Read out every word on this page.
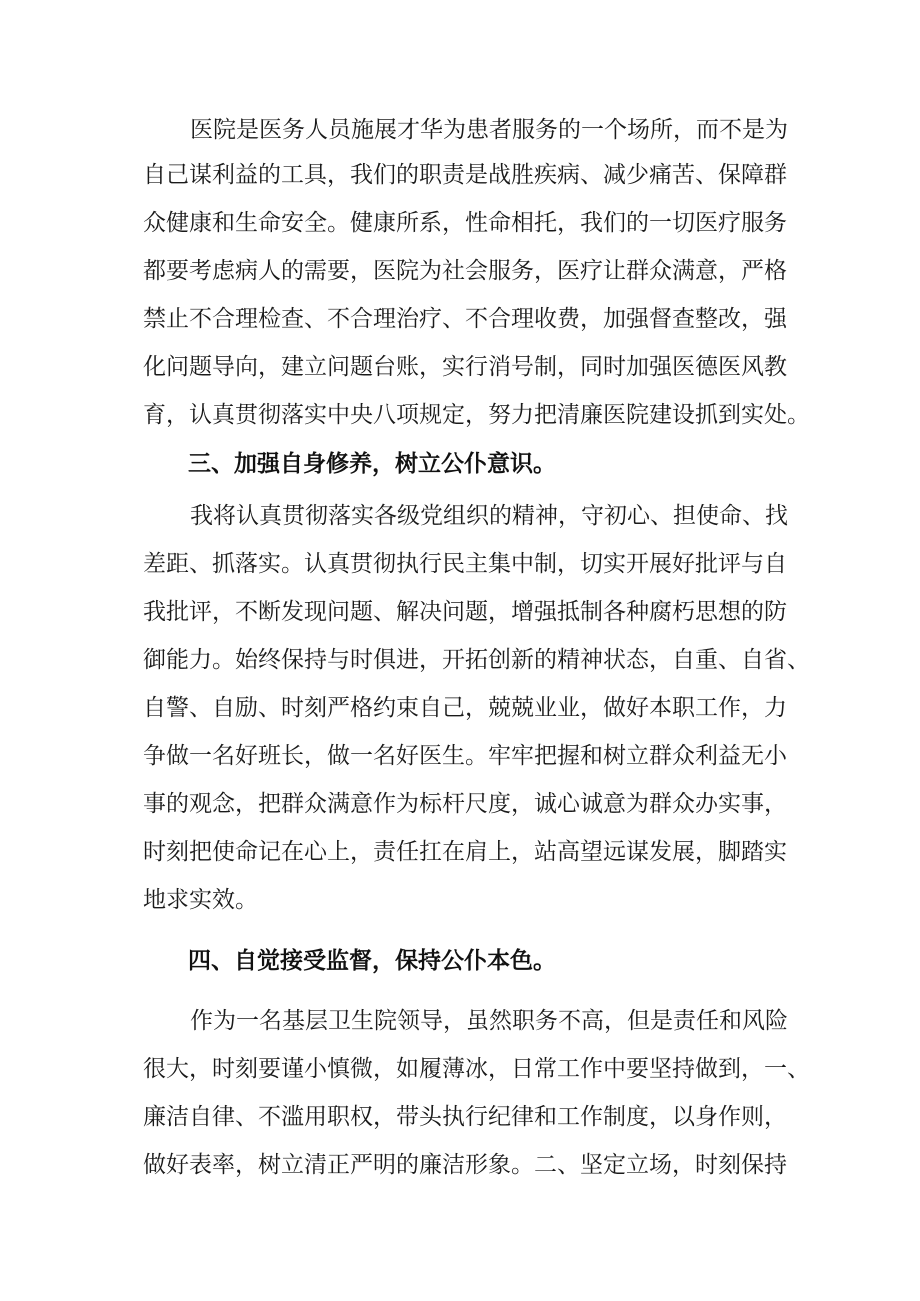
医院是医务人员施展才华为患者服务的一个场所，而不是为

自己谋利益的工具，我们的职责是战胜疾病、减少痛苦、保障群

众健康和生命安全。健康所系，性命相托，我们的一切医疗服务

都要考虑病人的需要，医院为社会服务，医疗让群众满意，严格

禁止不合理检查、不合理治疗、不合理收费，加强督查整改，强

化问题导向，建立问题台账，实行消号制，同时加强医德医风教

育，认真贯彻落实中央八项规定，努力把清廉医院建设抓到实处。

三、加强自身修养，树立公仆意识。

我将认真贯彻落实各级党组织的精神，守初心、担使命、找

差距、抓落实。认真贯彻执行民主集中制，切实开展好批评与自

我批评，不断发现问题、解决问题，增强抵制各种腐朽思想的防

御能力。始终保持与时俱进，开拓创新的精神状态，自重、自省、

自警、自励、时刻严格约束自己，兢兢业业，做好本职工作，力

争做一名好班长，做一名好医生。牢牢把握和树立群众利益无小

事的观念，把群众满意作为标杆尺度，诚心诚意为群众办实事，

时刻把使命记在心上，责任扛在肩上，站高望远谋发展，脚踏实

地求实效。

四、自觉接受监督，保持公仆本色。

作为一名基层卫生院领导，虽然职务不高，但是责任和风险

很大，时刻要谨小慎微，如履薄冰，日常工作中要坚持做到，一、

廉洁自律、不滥用职权，带头执行纪律和工作制度，以身作则，

做好表率，树立清正严明的廉洁形象。二、坚定立场，时刻保持
